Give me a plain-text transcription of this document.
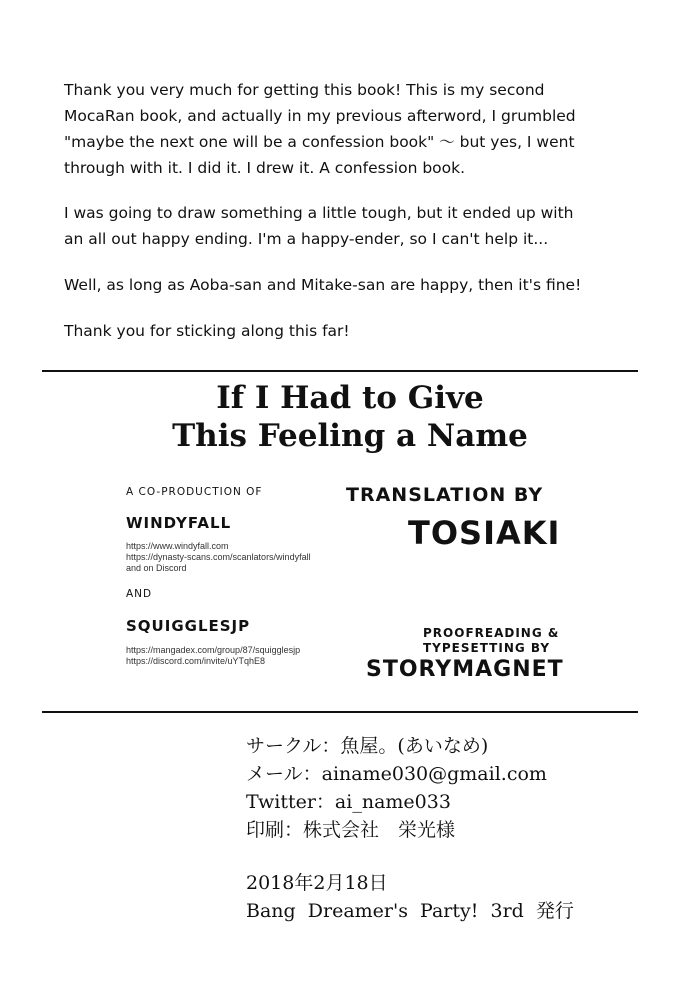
Thank you very much for getting this book! This is my second
MocaRan book, and actually in my previous afterword, I grumbled
"maybe the next one will be a confession book" 〜 but yes, I went
through with it. I did it. I drew it. A confession book.
I was going to draw something a little tough, but it ended up with
an all out happy ending. I'm a happy-ender, so I can't help it...
Well, as long as Aoba-san and Mitake-san are happy, then it's fine!
Thank you for sticking along this far!
If I Had to Give
This Feeling a Name
A CO-PRODUCTION OF
WINDYFALL
https://www.windyfall.com
https://dynasty-scans.com/scanlators/windyfall
and on Discord
AND
SQUIGGLESJP
https://mangadex.com/group/87/squigglesjp
https://discord.com/invite/uYTqhE8
TRANSLATION BY
TOSIAKI
PROOFREADING &
TYPESETTING BY
STORYMAGNET
サークル：魚屋。(あいなめ)
メール：ainame030@gmail.com
Twitter：ai_name033
印刷：株式会社　栄光様
2018年2月18日
Bang  Dreamer's  Party!  3rd  発行
